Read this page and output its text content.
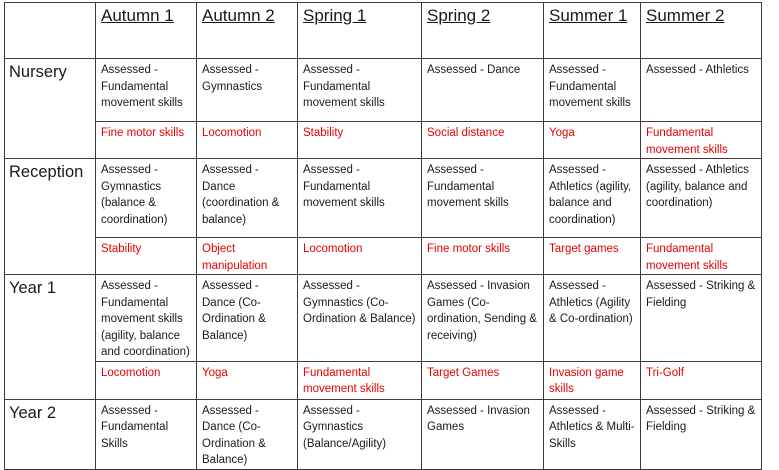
	Autumn 1	Autumn 2	Spring 1	Spring 2	Summer 1	Summer 2

Nursery	Assessed - Fundamental movement skills	Assessed - Gymnastics	Assessed - Fundamental movement skills	Assessed - Dance	Assessed - Fundamental movement skills	Assessed - Athletics

	Fine motor skills	Locomotion	Stability	Social distance	Yoga	Fundamental movement skills

Reception	Assessed - Gymnastics (balance & coordination)	Assessed - Dance (coordination & balance)	Assessed - Fundamental movement skills	Assessed - Fundamental movement skills	Assessed - Athletics (agility, balance and coordination)	Assessed - Athletics (agility, balance and coordination)

	Stability	Object manipulation	Locomotion	Fine motor skills	Target games	Fundamental movement skills

Year 1	Assessed - Fundamental movement skills (agility, balance and coordination)	Assessed - Dance (Co-Ordination & Balance)	Assessed - Gymnastics (Co-Ordination & Balance)	Assessed - Invasion Games (Co-ordination, Sending & receiving)	Assessed - Athletics (Agility & Co-ordination)	Assessed - Striking & Fielding

	Locomotion	Yoga	Fundamental movement skills	Target Games	Invasion game skills	Tri-Golf

Year 2	Assessed - Fundamental Skills	Assessed - Dance (Co-Ordination & Balance)	Assessed - Gymnastics (Balance/Agility)	Assessed - Invasion Games	Assessed - Athletics & Multi-Skills	Assessed - Striking & Fielding
